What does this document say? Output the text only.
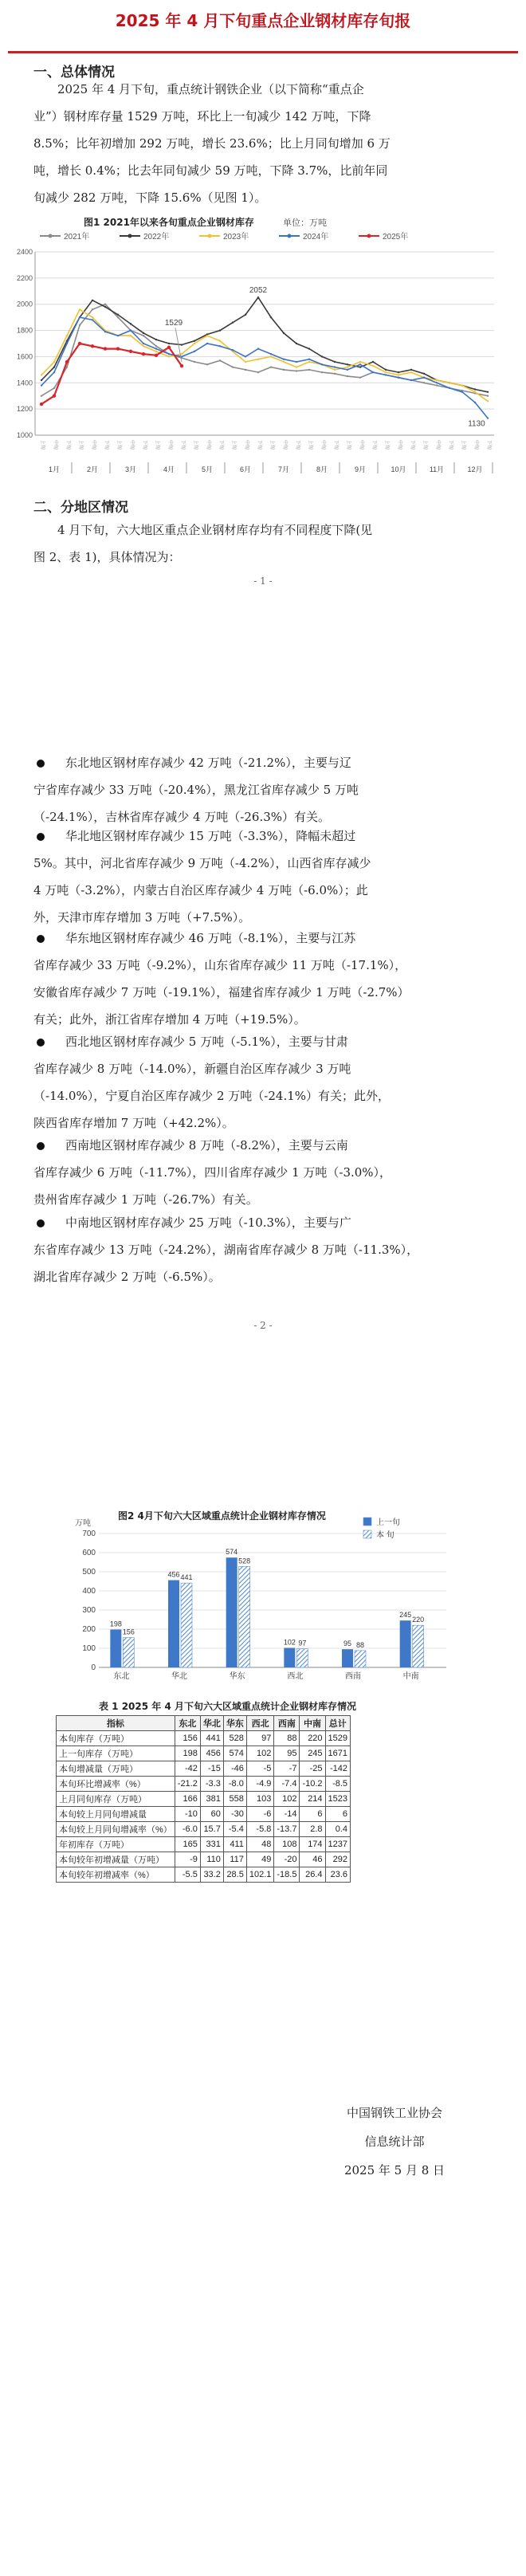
2025 年 4 月下旬重点企业钢材库存旬报
一、总体情况
2025 年 4 月下旬，重点统计钢铁企业（以下简称“重点企
业”）钢材库存量 1529 万吨，环比上一旬减少 142 万吨，下降
8.5%；比年初增加 292 万吨，增长 23.6%；比上月同旬增加 6 万
吨，增长 0.4%；比去年同旬减少 59 万吨，下降 3.7%，比前年同
旬减少 282 万吨，下降 15.6%（见图 1）。
图1 2021年以来各旬重点企业钢材库存	单位：万吨
2021年	2022年	2023年	2024年	2025年
2400
2200
2000
1800
1600
1400
1200
1000
上旬	中旬	下旬	上旬	中旬	下旬	上旬	中旬	下旬	上旬	中旬	下旬	上旬	中旬	下旬	上旬	中旬	下旬	上旬	中旬	下旬	上旬	中旬	下旬	上旬	中旬	下旬	上旬	中旬	下旬	上旬	中旬	下旬	上旬	中旬	下旬
1月	2月	3月	4月	5月	6月	7月	8月	9月	10月	11月	12月
1529
2052
1130
二、分地区情况
4 月下旬，六大地区重点企业钢材库存均有不同程度下降(见
图 2、表 1)，具体情况为：
- 1 -
东北地区钢材库存减少 42 万吨（-21.2%），主要与辽
宁省库存减少 33 万吨（-20.4%），黑龙江省库存减少 5 万吨
（-24.1%），吉林省库存减少 4 万吨（-26.3%）有关。
华北地区钢材库存减少 15 万吨（-3.3%），降幅未超过
5%。其中，河北省库存减少 9 万吨（-4.2%），山西省库存减少
4 万吨（-3.2%），内蒙古自治区库存减少 4 万吨（-6.0%）；此
外，天津市库存增加 3 万吨（+7.5%）。
华东地区钢材库存减少 46 万吨（-8.1%），主要与江苏
省库存减少 33 万吨（-9.2%），山东省库存减少 11 万吨（-17.1%），
安徽省库存减少 7 万吨（-19.1%），福建省库存减少 1 万吨（-2.7%）
有关；此外，浙江省库存增加 4 万吨（+19.5%）。
西北地区钢材库存减少 5 万吨（-5.1%），主要与甘肃
省库存减少 8 万吨（-14.0%），新疆自治区库存减少 3 万吨
（-14.0%），宁夏自治区库存减少 2 万吨（-24.1%）有关；此外，
陕西省库存增加 7 万吨（+42.2%）。
西南地区钢材库存减少 8 万吨（-8.2%），主要与云南
省库存减少 6 万吨（-11.7%），四川省库存减少 1 万吨（-3.0%），
贵州省库存减少 1 万吨（-26.7%）有关。
中南地区钢材库存减少 25 万吨（-10.3%），主要与广
东省库存减少 13 万吨（-24.2%），湖南省库存减少 8 万吨（-11.3%），
湖北省库存减少 2 万吨（-6.5%）。
- 2 -
图2 4月下旬六大区域重点统计企业钢材库存情况
万吨
700
600
500
400
300
200
100
0
198
156
东北
456 441
华北
574
528
华东
102 97
西北
95 88
西南
245
220
中南
上一旬
本 旬
表 1 2025 年 4 月下旬六大区域重点统计企业钢材库存情况
指标	东北	华北	华东	西北	西南	中南	总计
本旬库存（万吨）	156	441	528	97	88	220	1529
上一旬库存（万吨）	198	456	574	102	95	245	1671
本旬增减量（万吨）	-42	-15	-46	-5	-7	-25	-142
本旬环比增减率（%）	-21.2	-3.3	-8.0	-4.9	-7.4	-10.2	-8.5
上月同旬库存（万吨）	166	381	558	103	102	214	1523
本旬较上月同旬增减量	-10	60	-30	-6	-14	6	6
本旬较上月同旬增减率（%）	-6.0	15.7	-5.4	-5.8	-13.7	2.8	0.4
年初库存（万吨）	165	331	411	48	108	174	1237
本旬较年初增减量（万吨）	-9	110	117	49	-20	46	292
本旬较年初增减率（%）	-5.5	33.2	28.5	102.1	-18.5	26.4	23.6
中国钢铁工业协会
信息统计部
2025 年 5 月 8 日
